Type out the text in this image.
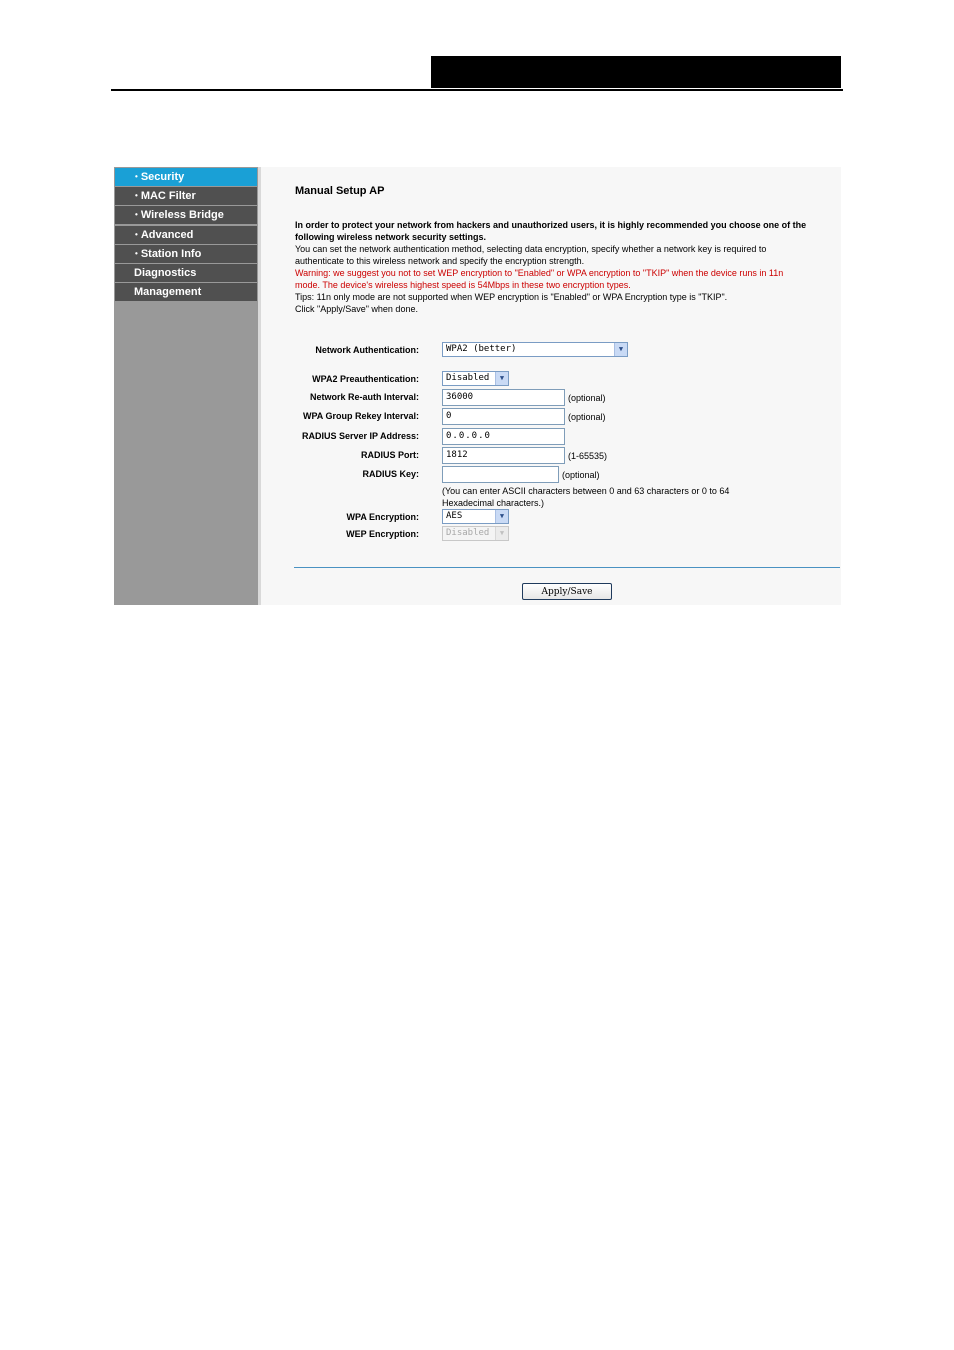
• Security
• MAC Filter
• Wireless Bridge
• Advanced
• Station Info
Diagnostics
Management
Manual Setup AP
In order to protect your network from hackers and unauthorized users, it is highly recommended you choose one of the
following wireless network security settings.
You can set the network authentication method, selecting data encryption, specify whether a network key is required to
authenticate to this wireless network and specify the encryption strength.
Warning: we suggest you not to set WEP encryption to "Enabled" or WPA encryption to "TKIP" when the device runs in 11n
mode. The device's wireless highest speed is 54Mbps in these two encryption types.
Tips: 11n only mode are not supported when WEP encryption is "Enabled" or WPA Encryption type is "TKIP".
Click "Apply/Save" when done.
Network Authentication:	WPA2 (better)	▼
WPA2 Preauthentication:	Disabled	▼
Network Re-auth Interval:	36000	(optional)
WPA Group Rekey Interval:	0	(optional)
RADIUS Server IP Address:	0.0.0.0
RADIUS Port:	1812	(1-65535)
RADIUS Key:	(optional)
(You can enter ASCII characters between 0 and 63 characters or 0 to 64
Hexadecimal characters.)
WPA Encryption:	AES	▼
WEP Encryption:	Disabled	▼
Apply/Save
